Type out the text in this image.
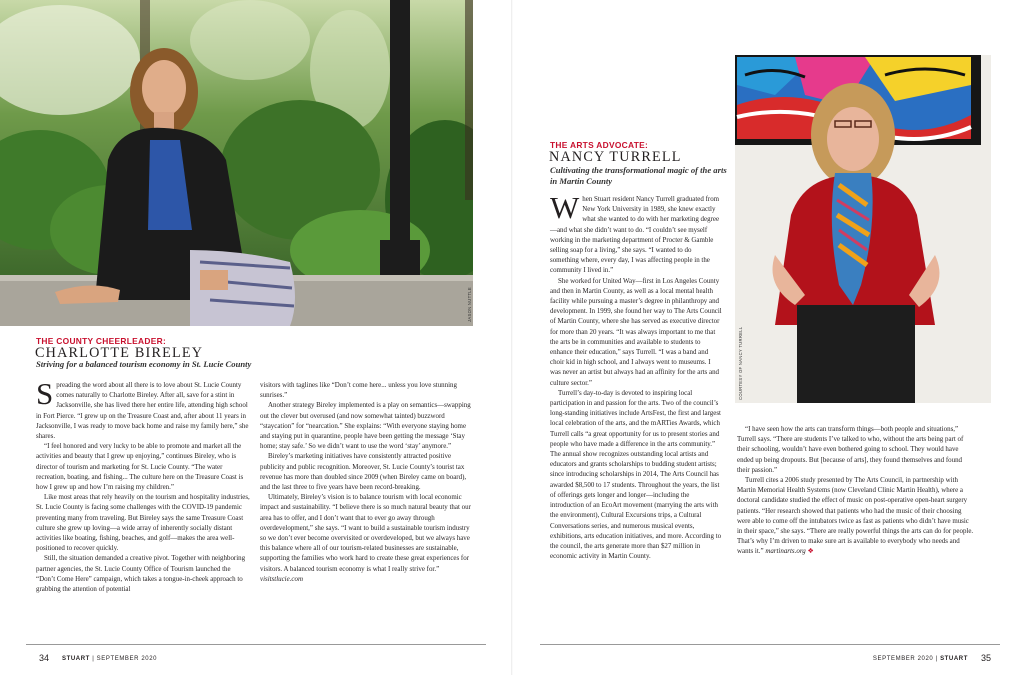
JASON NUTTLE
THE COUNTY CHEERLEADER:
CHARLOTTE BIRELEY
Striving for a balanced tourism economy in St. Lucie County

Spreading the word about all there is to love about St. Lucie County comes naturally to Charlotte Bireley. After all, save for a stint in Jacksonville, she has lived there her entire life, attending high school in Fort Pierce. “I grew up on the Treasure Coast and, after about 11 years in Jacksonville, I was ready to move back home and raise my family here,” she shares.

“I feel honored and very lucky to be able to promote and market all the activities and beauty that I grew up enjoying,” continues Bireley, who is director of tourism and marketing for St. Lucie County. “The water recreation, boating, and fishing... The culture here on the Treasure Coast is how I grew up and how I’m raising my children.”

Like most areas that rely heavily on the tourism and hospitality industries, St. Lucie County is facing some challenges with the COVID-19 pandemic preventing many from traveling. But Bireley says the same Treasure Coast culture she grew up loving—a wide array of inherently socially distant activities like boating, fishing, beaches, and golf—makes the area well-positioned to recover quickly.

Still, the situation demanded a creative pivot. Together with neighboring partner agencies, the St. Lucie County Office of Tourism launched the “Don’t Come Here” campaign, which takes a tongue-in-cheek approach to grabbing the attention of potential

visitors with taglines like “Don’t come here... unless you love stunning sunrises.”

Another strategy Bireley implemented is a play on semantics—swapping out the clever but overused (and now somewhat tainted) buzzword “staycation” for “nearcation.” She explains: “With everyone staying home and staying put in quarantine, people have been getting the message ‘Stay home; stay safe.’ So we didn’t want to use the word ‘stay’ anymore.”

Bireley’s marketing initiatives have consistently attracted positive publicity and public recognition. Moreover, St. Lucie County’s tourist tax revenue has more than doubled since 2009 (when Bireley came on board), and the last three to five years have been record-breaking.

Ultimately, Bireley’s vision is to balance tourism with local economic impact and sustainability. “I believe there is so much natural beauty that our area has to offer, and I don’t want that to ever go away through overdevelopment,” she says. “I want to build a sustainable tourism industry so we don’t ever become overvisited or overdeveloped, but we always have this balance where all of our tourism-related businesses are sustainable, supporting the families who work hard to create these great experiences for visitors. A balanced tourism economy is what I really strive for.” visitstlucie.com

34 STUART | SEPTEMBER 2020
THE ARTS ADVOCATE:
NANCY TURRELL
Cultivating the transformational magic of the arts in Martin County
COURTESY OF NANCY TURRELL

When Stuart resident Nancy Turrell graduated from New York University in 1989, she knew exactly what she wanted to do with her marketing degree—and what she didn’t want to do. “I couldn’t see myself working in the marketing department of Procter & Gamble selling soap for a living,” she says. “I wanted to do something where, every day, I was affecting people in the community I lived in.”

She worked for United Way—first in Los Angeles County and then in Martin County, as well as a local mental health facility while pursuing a master’s degree in philanthropy and development. In 1999, she found her way to The Arts Council of Martin County, where she has served as executive director for more than 20 years. “It was always important to me that the arts be in communities and available to students to enhance their education,” says Turrell. “I was a band and choir kid in high school, and I always went to museums. I was never an artist but always had an affinity for the arts and culture sector.”

Turrell’s day-to-day is devoted to inspiring local participation in and passion for the arts. Two of the council’s long-standing initiatives include ArtsFest, the first and largest local celebration of the arts, and the mARTies Awards, which Turrell calls “a great opportunity for us to present stories and people who have made a difference in the arts community.” The annual show recognizes outstanding local artists and educators and grants scholarships to budding student artists; since introducing scholarships in 2014, The Arts Council has awarded $8,500 to 17 students. Throughout the years, the list of offerings gets longer and longer—including the introduction of an EcoArt movement (marrying the arts with the environment), Cultural Excursions trips, a Cultural Conversations series, and numerous musical events, exhibitions, arts education initiatives, and more. According to the council, the arts generate more than $27 million in economic activity in Martin County.

“I have seen how the arts can transform things—both people and situations,” Turrell says. “There are students I’ve talked to who, without the arts being part of their schooling, wouldn’t have even bothered going to school. They would have ended up being dropouts. But [because of arts], they found themselves and found their passion.”

Turrell cites a 2006 study presented by The Arts Council, in partnership with Martin Memorial Health Systems (now Cleveland Clinic Martin Health), where a doctoral candidate studied the effect of music on post-operative open-heart surgery patients. “Her research showed that patients who had the music of their choosing were able to come off the intubators twice as fast as patients who didn’t have music in their space,” she says. “There are really powerful things the arts can do for people. That’s why I’m driven to make sure art is available to everybody who needs and wants it.” martinarts.org ❖

SEPTEMBER 2020 | STUART 35
